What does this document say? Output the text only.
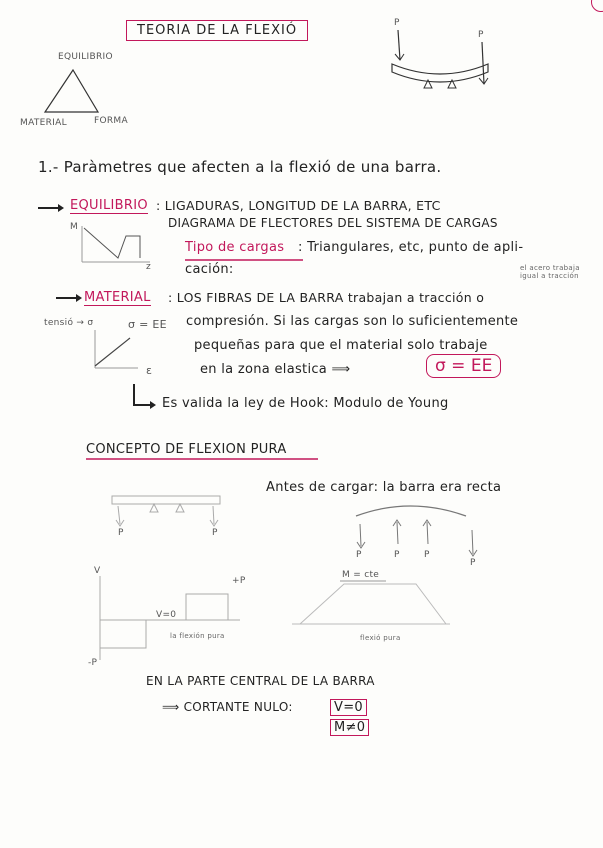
TEORIA DE LA FLEXIÓ
EQUILIBRIO
MATERIAL	FORMA
P
P
1.- Paràmetres que afecten a la flexió de una barra.
EQUILIBRIO : LIGADURAS, LONGITUD DE LA BARRA, ETC
DIAGRAMA DE FLECTORES DEL SISTEMA DE CARGAS
Tipo de cargas : Triangulares, etc, punto de apli-
cación:
M
z	el acero trabaja igual a tracción
MATERIAL : LOS FIBRAS DE LA BARRA trabajan a tracción o
compresión. Si las cargas son lo suficientemente
pequeñas para que el material solo trabaje
en la zona elastica ⟹	σ = EE
Es valida la ley de Hook: Modulo de Young
tensió → σ	σ = EE
ε
CONCEPTO DE FLEXION PURA
Antes de cargar: la barra era recta
P	P
V
+P
-P
V=0
la flexión pura
P	P	P
P
M = cte
flexió pura
EN LA PARTE CENTRAL DE LA BARRA
⟹ CORTANTE NULO:	V=0
M≠0
